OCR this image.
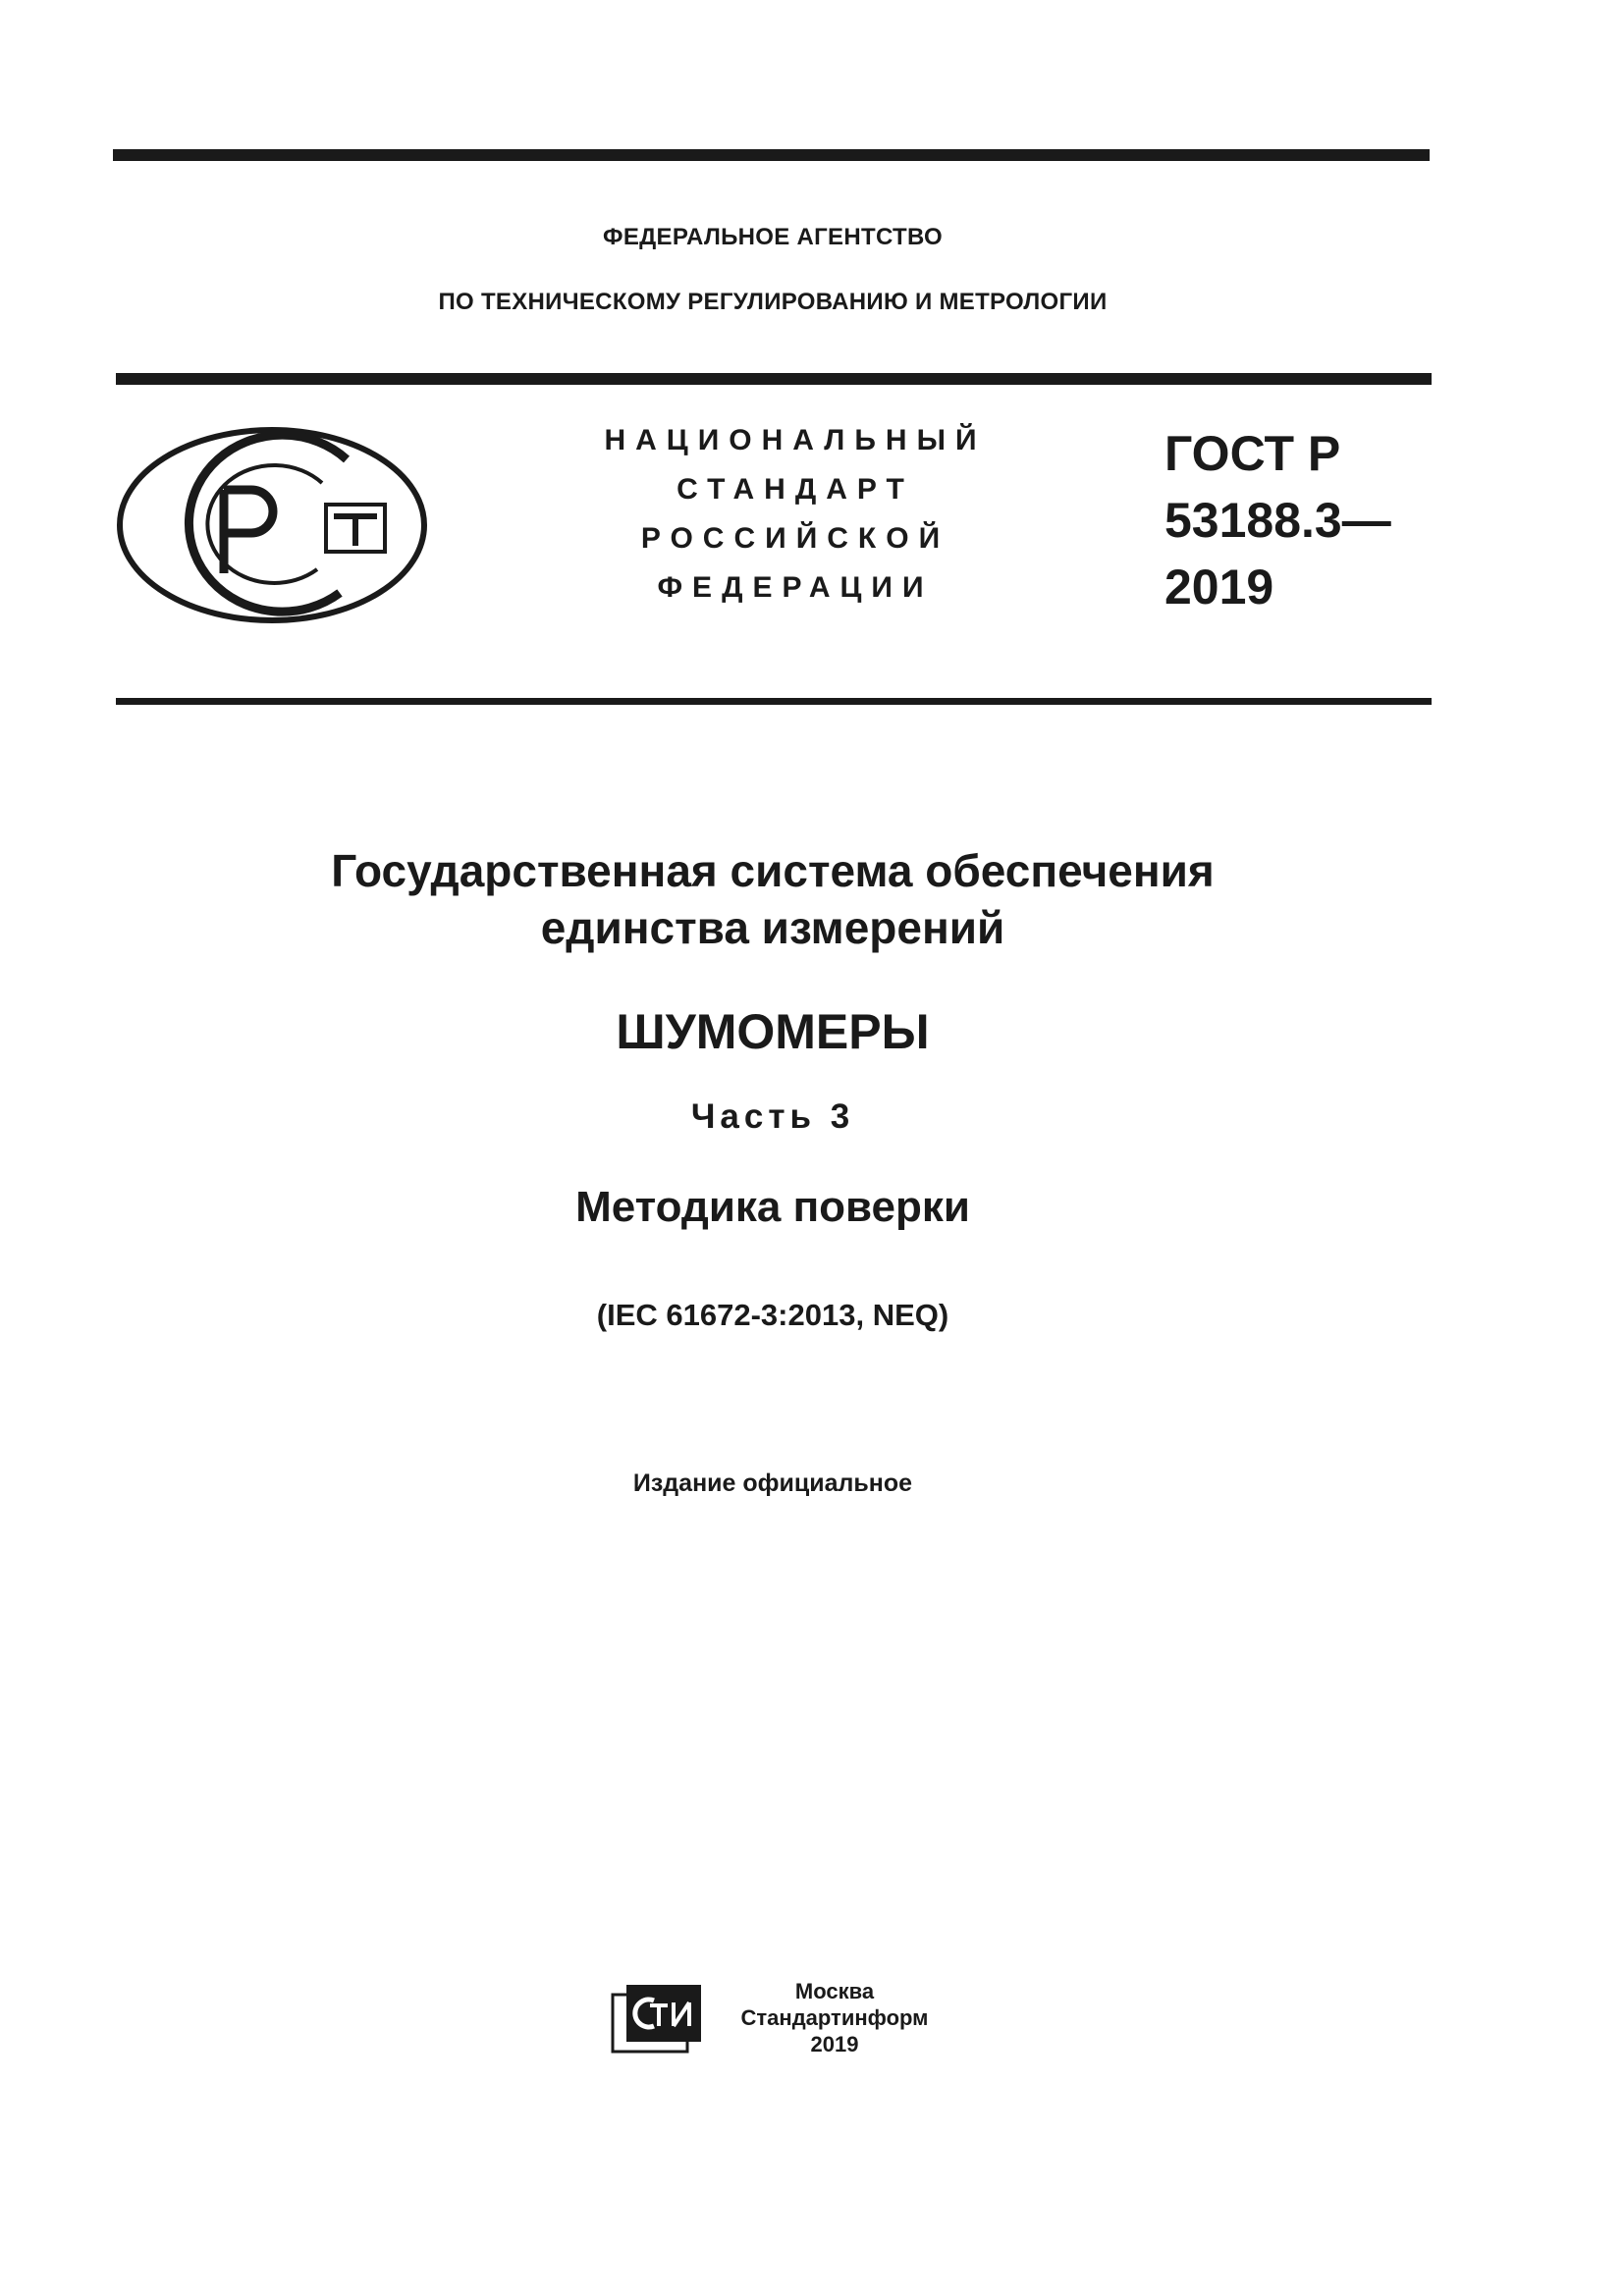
ФЕДЕРАЛЬНОЕ АГЕНТСТВО
ПО ТЕХНИЧЕСКОМУ РЕГУЛИРОВАНИЮ И МЕТРОЛОГИИ
НАЦИОНАЛЬНЫЙ
СТАНДАРТ
РОССИЙСКОЙ
ФЕДЕРАЦИИ
ГОСТ Р
53188.3—
2019
Государственная система обеспечения
единства измерений
ШУМОМЕРЫ
Часть 3
Методика поверки
(IEC 61672-3:2013, NEQ)
Издание официальное
Москва
Стандартинформ
2019
